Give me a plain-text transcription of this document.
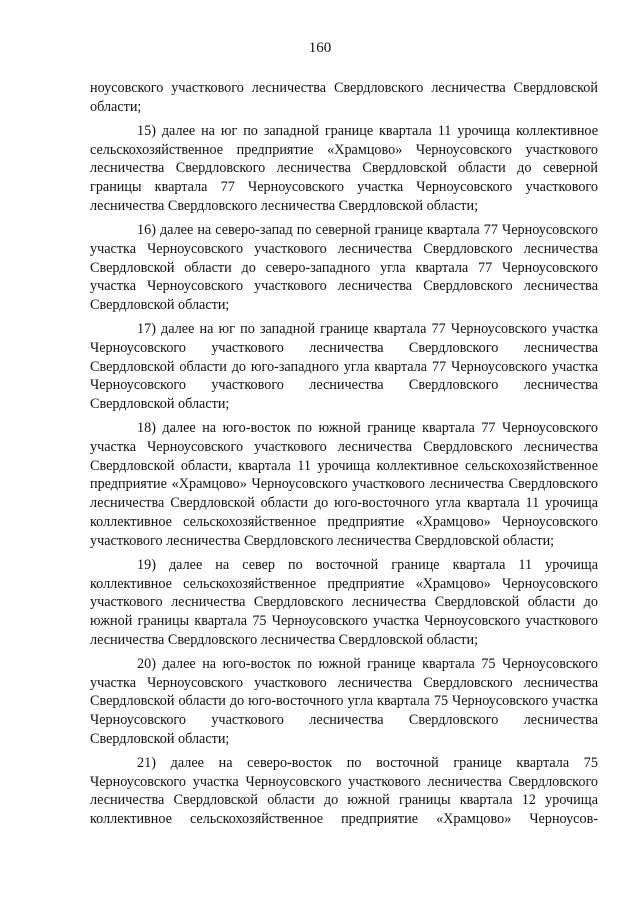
160

ноусовского участкового лесничества Свердловского лесничества Свердловской области;

15) далее на юг по западной границе квартала 11 урочища коллективное сельскохозяйственное предприятие «Храмцово» Черноусовского участкового лесничества Свердловского лесничества Свердловской области до северной границы квартала 77 Черноусовского участка Черноусовского участкового лесничества Свердловского лесничества Свердловской области;

16) далее на северо-запад по северной границе квартала 77 Черноусовского участка Черноусовского участкового лесничества Свердловского лесничества Свердловской области до северо-западного угла квартала 77 Черноусовского участка Черноусовского участкового лесничества Свердловского лесничества Свердловской области;

17) далее на юг по западной границе квартала 77 Черноусовского участка Черноусовского участкового лесничества Свердловского лесничества Свердловской области до юго-западного угла квартала 77 Черноусовского участка Черноусовского участкового лесничества Свердловского лесничества Свердловской области;

18) далее на юго-восток по южной границе квартала 77 Черноусовского участка Черноусовского участкового лесничества Свердловского лесничества Свердловской области, квартала 11 урочища коллективное сельскохозяйственное предприятие «Храмцово» Черноусовского участкового лесничества Свердловского лесничества Свердловской области до юго-восточного угла квартала 11 урочища коллективное сельскохозяйственное предприятие «Храмцово» Черноусовского участкового лесничества Свердловского лесничества Свердловской области;

19) далее на север по восточной границе квартала 11 урочища коллективное сельскохозяйственное предприятие «Храмцово» Черноусовского участкового лесничества Свердловского лесничества Свердловской области до южной границы квартала 75 Черноусовского участка Черноусовского участкового лесничества Свердловского лесничества Свердловской области;

20) далее на юго-восток по южной границе квартала 75 Черноусовского участка Черноусовского участкового лесничества Свердловского лесничества Свердловской области до юго-восточного угла квартала 75 Черноусовского участка Черноусовского участкового лесничества Свердловского лесничества Свердловской области;

21) далее на северо-восток по восточной границе квартала 75 Черноусовского участка Черноусовского участкового лесничества Свердловского лесничества Свердловской области до южной границы квартала 12 урочища коллективное сельскохозяйственное предприятие «Храмцово» Черноусов-
